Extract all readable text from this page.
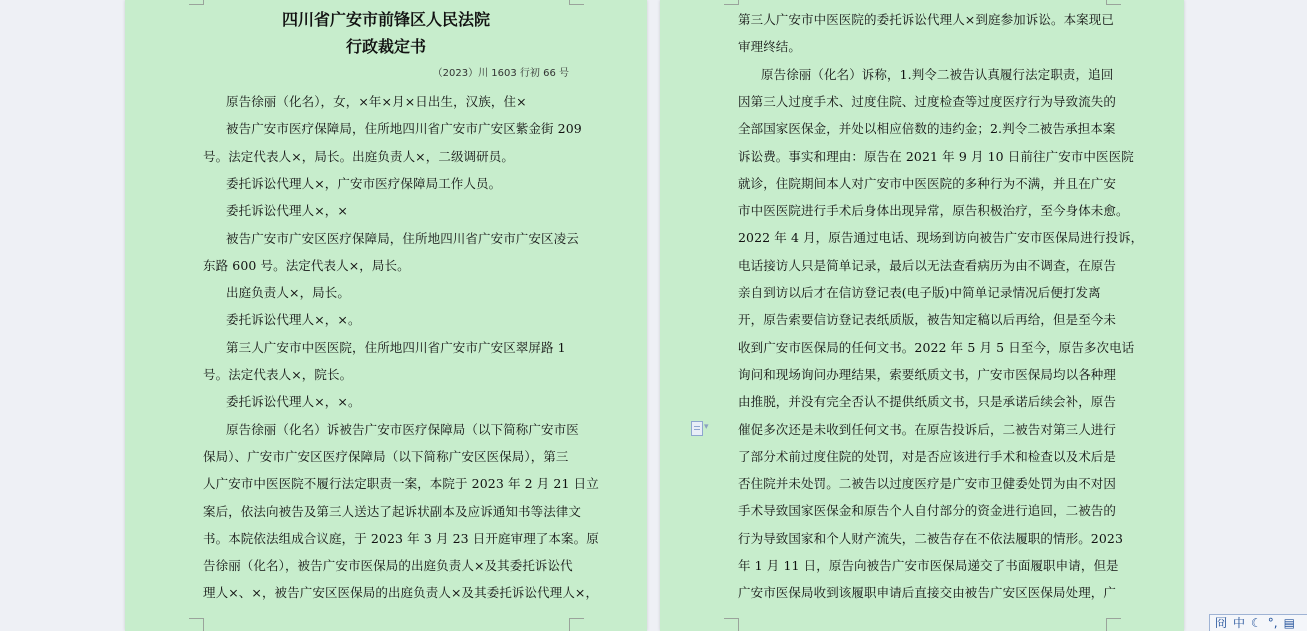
四川省广安市前锋区人民法院
行政裁定书
（2023）川 1603 行初 66 号

原告徐丽（化名），女，×年×月×日出生，汉族，住×

被告广安市医疗保障局，住所地四川省广安市广安区紫金街 209

号。法定代表人×，局长。出庭负责人×，二级调研员。

委托诉讼代理人×，广安市医疗保障局工作人员。

委托诉讼代理人×，×

被告广安市广安区医疗保障局，住所地四川省广安市广安区凌云

东路 600 号。法定代表人×，局长。

出庭负责人×，局长。

委托诉讼代理人×，×。

第三人广安市中医医院，住所地四川省广安市广安区翠屏路 1

号。法定代表人×，院长。

委托诉讼代理人×，×。

原告徐丽（化名）诉被告广安市医疗保障局（以下简称广安市医

保局）、广安市广安区医疗保障局（以下简称广安区医保局），第三

人广安市中医医院不履行法定职责一案，本院于 2023 年 2 月 21 日立

案后，依法向被告及第三人送达了起诉状副本及应诉通知书等法律文

书。本院依法组成合议庭，于 2023 年 3 月 23 日开庭审理了本案。原

告徐丽（化名），被告广安市医保局的出庭负责人×及其委托诉讼代

理人×、×，被告广安区医保局的出庭负责人×及其委托诉讼代理人×，

第三人广安市中医医院的委托诉讼代理人×到庭参加诉讼。本案现已

审理终结。

原告徐丽（化名）诉称，1.判令二被告认真履行法定职责，追回

因第三人过度手术、过度住院、过度检查等过度医疗行为导致流失的

全部国家医保金，并处以相应倍数的违约金；2.判令二被告承担本案

诉讼费。事实和理由：原告在 2021 年 9 月 10 日前往广安市中医医院

就诊，住院期间本人对广安市中医医院的多种行为不满，并且在广安

市中医医院进行手术后身体出现异常，原告积极治疗，至今身体未愈。

2022 年 4 月，原告通过电话、现场到访向被告广安市医保局进行投诉，

电话接访人只是简单记录，最后以无法查看病历为由不调查，在原告

亲自到访以后才在信访登记表(电子版)中简单记录情况后便打发离

开，原告索要信访登记表纸质版，被告知定稿以后再给，但是至今未

收到广安市医保局的任何文书。2022 年 5 月 5 日至今，原告多次电话

询问和现场询问办理结果，索要纸质文书，广安市医保局均以各种理

由推脱，并没有完全否认不提供纸质文书，只是承诺后续会补，原告

催促多次还是未收到任何文书。在原告投诉后，二被告对第三人进行

了部分术前过度住院的处罚，对是否应该进行手术和检查以及术后是

否住院并未处罚。二被告以过度医疗是广安市卫健委处罚为由不对因

手术导致国家医保金和原告个人自付部分的资金进行追回，二被告的

行为导致国家和个人财产流失，二被告存在不依法履职的情形。2023

年 1 月 11 日，原告向被告广安市医保局递交了书面履职申请，但是

广安市医保局收到该履职申请后直接交由被告广安区医保局处理，广

▾
冏 中 ☾ °, ▤
